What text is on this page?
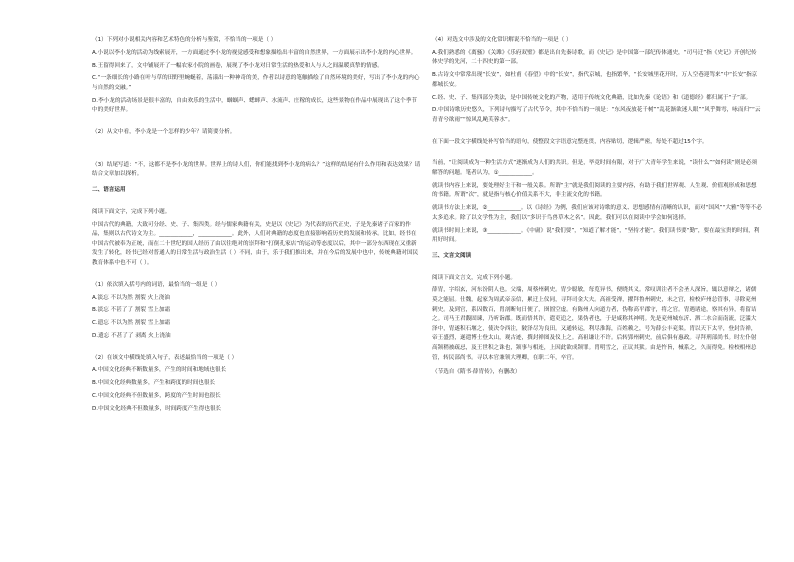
（1）下列对小说相关内容和艺术特色的分析与鉴赏，不恰当的一项是（ ）

A.小说以李小龙的活动为线索展开，一方面通过李小龙的视觉感受和想象描绘出丰富的自然世界，一方面展示出李小龙的内心世界。

B.王留得回来了，文中铺展开了一幅农家小院的画卷，展现了李小龙对日常生活的热爱和人与人之间温暖真挚的情感。

C.“一条细长的小路在叶与草的田野里蜿蜒着，荡漾出一种神奇的美，作者以诗意的笔触描绘了自然环境的美好，写出了李小龙的内心与自然的交融。”

D.李小龙的活动场景是很丰富的，自由欢乐的生活中，蝈蝈声、蟋蟀声、水流声、庄稼的成长，这些景物在作品中展现出了这个季节中的美好世界。

（2）从文中看，李小龙是一个怎样的少年？请简要分析。

（3）结尾写道：“不，这都不是李小龙的世界。世界上的诗人们，你们能找到李小龙的病么？”这样的结尾有什么作用和表达效果？请结合文章加以探析。

二、语言运用

阅读下面文字，完成下列小题。

中国古代的典籍，大致可分经、史、子、集四类。经与儒家典籍有关，史是以《史记》为代表的历代正史，子是先秦诸子百家的作品，集则以古代诗文为主。____________，____________。此外，人们对典籍的态度也直接影响着历史的发展和传承。比如，经书在中国古代被奉为正统，而在二十世纪的国人经历了由以往绝对的崇拜和“打倒孔家店”的运动等态度以后，其中一部分东西现在又重新发生了转化，经书已经对普通人的日常生活与政治生活（ ）不同，由于，乐于我们推出来，并在今后的发展中也中，传统典籍对国民教育体系中也不可（ ）。

（1）依次填入括号内的词语，最恰当的一组是（ ）

A.淡忘 不以为然 割裂 火上浇油

B.淡忘 不甚了了 割裂 雪上加霜

C.遗忘 不以为然 割裂 雪上加霜

D.遗忘 不甚了了 剥离 火上浇油

（2）在该文中横线处填入句子，表述最恰当的一项是（ ）

A.中国文化经典不断数量多，产生的时间和地域也很长

B.中国文化经典数量多，产生和跨度的时间也很长

C.中国文化经典不但数量多，跨度的产生时间也很长

D.中国文化经典不但数量多，时间跨度产生得也很长

（4）对选文中涉及的文化常识解说不恰当的一项是（ ）

A.我们熟悉的《离骚》《关雎》《乐府双璧》都是出自先秦诗歌，而《史记》是中国第一部纪传体通史，“司马迁”指《史记》开创纪传体史学的先河，二十四史的第一部。

B.古诗文中常常出现“长安”，如杜甫《春望》中的“长安”，指代京城，也指繁华，“长安城里花开时，万人空巷迎驾来”中“长安”指京都城长安。

C.经、史、子、集四部分类法，是中国传统文化的产物，适用于传统文化典籍，比如先秦《论语》和《道德经》都归属于“子”部。

D.中国诗歌历史悠久，下列诗句描写了古代节令，其中不恰当的一项是：“东风夜放花千树”“乱花渐欲迷人眼”“风乎舞雩，咏而归”“云青青兮欲雨”“惊风乱飐芙蓉水”。

在下面一段文字横线处补写恰当的语句，使整段文字语意完整连贯，内容贴切，逻辑严密，每处不超过15个字。

当前，“让阅读成为一种生活方式”逐渐成为人们的共识。但是，毕竟时间有限，对于广大青年学生来说，“读什么”“如何读”则是必须解答的问题。笔者认为，①____________。

就读书内容上来说，要处理好主干和一般关系。所谓“主”就是我们阅读的主要内容，有助于我们世界观、人生观、价值观形成和思想的书籍。所谓“次”，就是指与核心价值关系不大，非主流文化的书籍。

就读书方法上来说，②____________。以《诗经》为例，我们应该对诗歌的意义、思想感情有清晰的认识，而对“国风”“大雅”等等不必太多追求。除了以文学性为主，我们以“多识于鸟兽草木之名”。因此，我们可以在阅读中学会如何选择。

就读书时间上来说，③____________。《中庸》说“我们要”，“知道了解才能”，“坚持才能”。我们读书要“勤”，要在最宝贵的时间，利用好时间。

三、文言文阅读

阅读下面文言文，完成下列小题。

薛胄，字绍玄，河东汾阴人也。父端，周蔡州刺史。胄少聪敏，每览异书，便晓其义。常叹训注者不会圣人深旨，辄以意辩之，诸儒莫之能屈。仕魏，起家为周武帝亲信，累迁上仪同，寻拜司金大夫。高祖受禅，擢拜鲁州刺史，未之官，检校庐州总管事，寻除兖州刺史。及到官，系囚数百，胄剖断旬日便了，囹圄空虚。有陈州人向道力者，伪称高平郡守，将之官。胄遇诸途，察其有异，将留诘之。司马王君馥固谏，乃听诣郡。既而悟其诈，遣吏追之，果伪者也，于是咸称其神明。先是兖州城东沂、泗二水合而南流，泛滥大泽中，胄遂积石堰之，使决令西注，陂泽尽为良田。又通转运，利尽淮海，百姓赖之，号为薛公丰兖渠。胄以天下太平，登封告禅，帝王盛烈，遂遣博士登太山，观古迹，撰封禅图及仪上之。高祖谦让不许。后转郢州刺史，前后俱有惠政。寻拜刑部尚书。时左仆射高颎稍被疏忌，及王世积之诛也，颎事与相连，上因此欲成颎罪。胄明雪之，正议其狱。由是忤旨，械系之，久而得免。检校相州总管，转民部尚书。寻以本官兼领大理卿，在职二年，卒官。

（节选自《隋书·薛胄传》，有删改）
